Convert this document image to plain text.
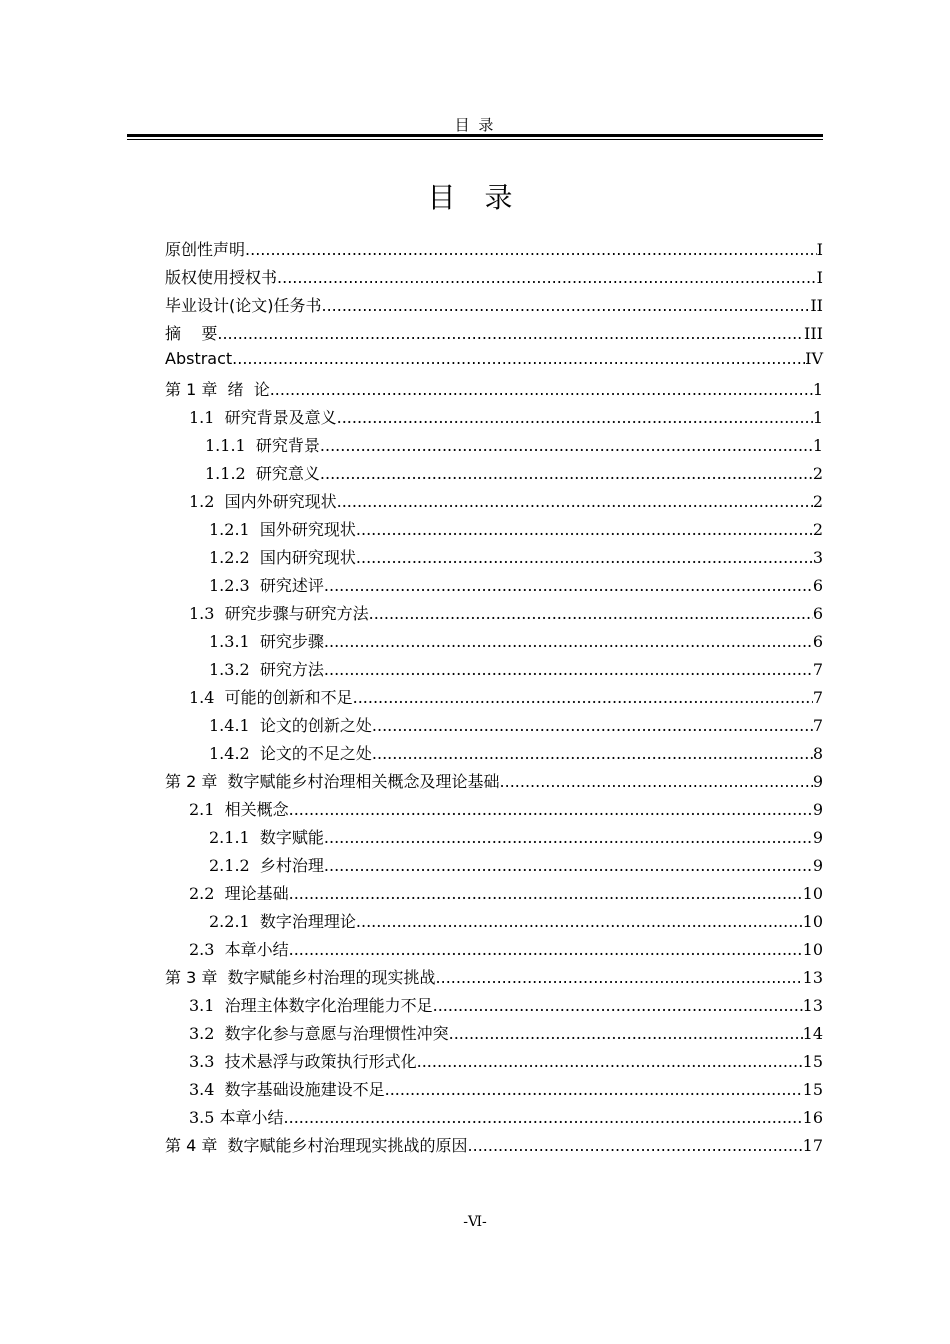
目 录
目 录
原创性声明 .....	I
版权使用授权书 .....	I
毕业设计(论文)任务书 .....	II
摘    要 .....	III
Abstract .....	IV
第 1 章  绪  论 .....	1
1.1  研究背景及意义 .....	1
1.1.1  研究背景 .....	1
1.1.2  研究意义 .....	2
1.2  国内外研究现状 .....	2
1.2.1  国外研究现状 .....	2
1.2.2  国内研究现状 .....	3
1.2.3  研究述评 .....	6
1.3  研究步骤与研究方法 .....	6
1.3.1  研究步骤 .....	6
1.3.2  研究方法 .....	7
1.4  可能的创新和不足 .....	7
1.4.1  论文的创新之处 .....	7
1.4.2  论文的不足之处 .....	8
第 2 章  数字赋能乡村治理相关概念及理论基础 .....	9
2.1  相关概念 .....	9
2.1.1  数字赋能 .....	9
2.1.2  乡村治理 .....	9
2.2  理论基础 .....	10
2.2.1  数字治理理论 .....	10
2.3  本章小结 .....	10
第 3 章  数字赋能乡村治理的现实挑战 .....	13
3.1  治理主体数字化治理能力不足 .....	13
3.2  数字化参与意愿与治理惯性冲突 .....	14
3.3  技术悬浮与政策执行形式化 .....	15
3.4  数字基础设施建设不足 .....	15
3.5 本章小结 .....	16
第 4 章  数字赋能乡村治理现实挑战的原因 .....	17
-Ⅵ-
